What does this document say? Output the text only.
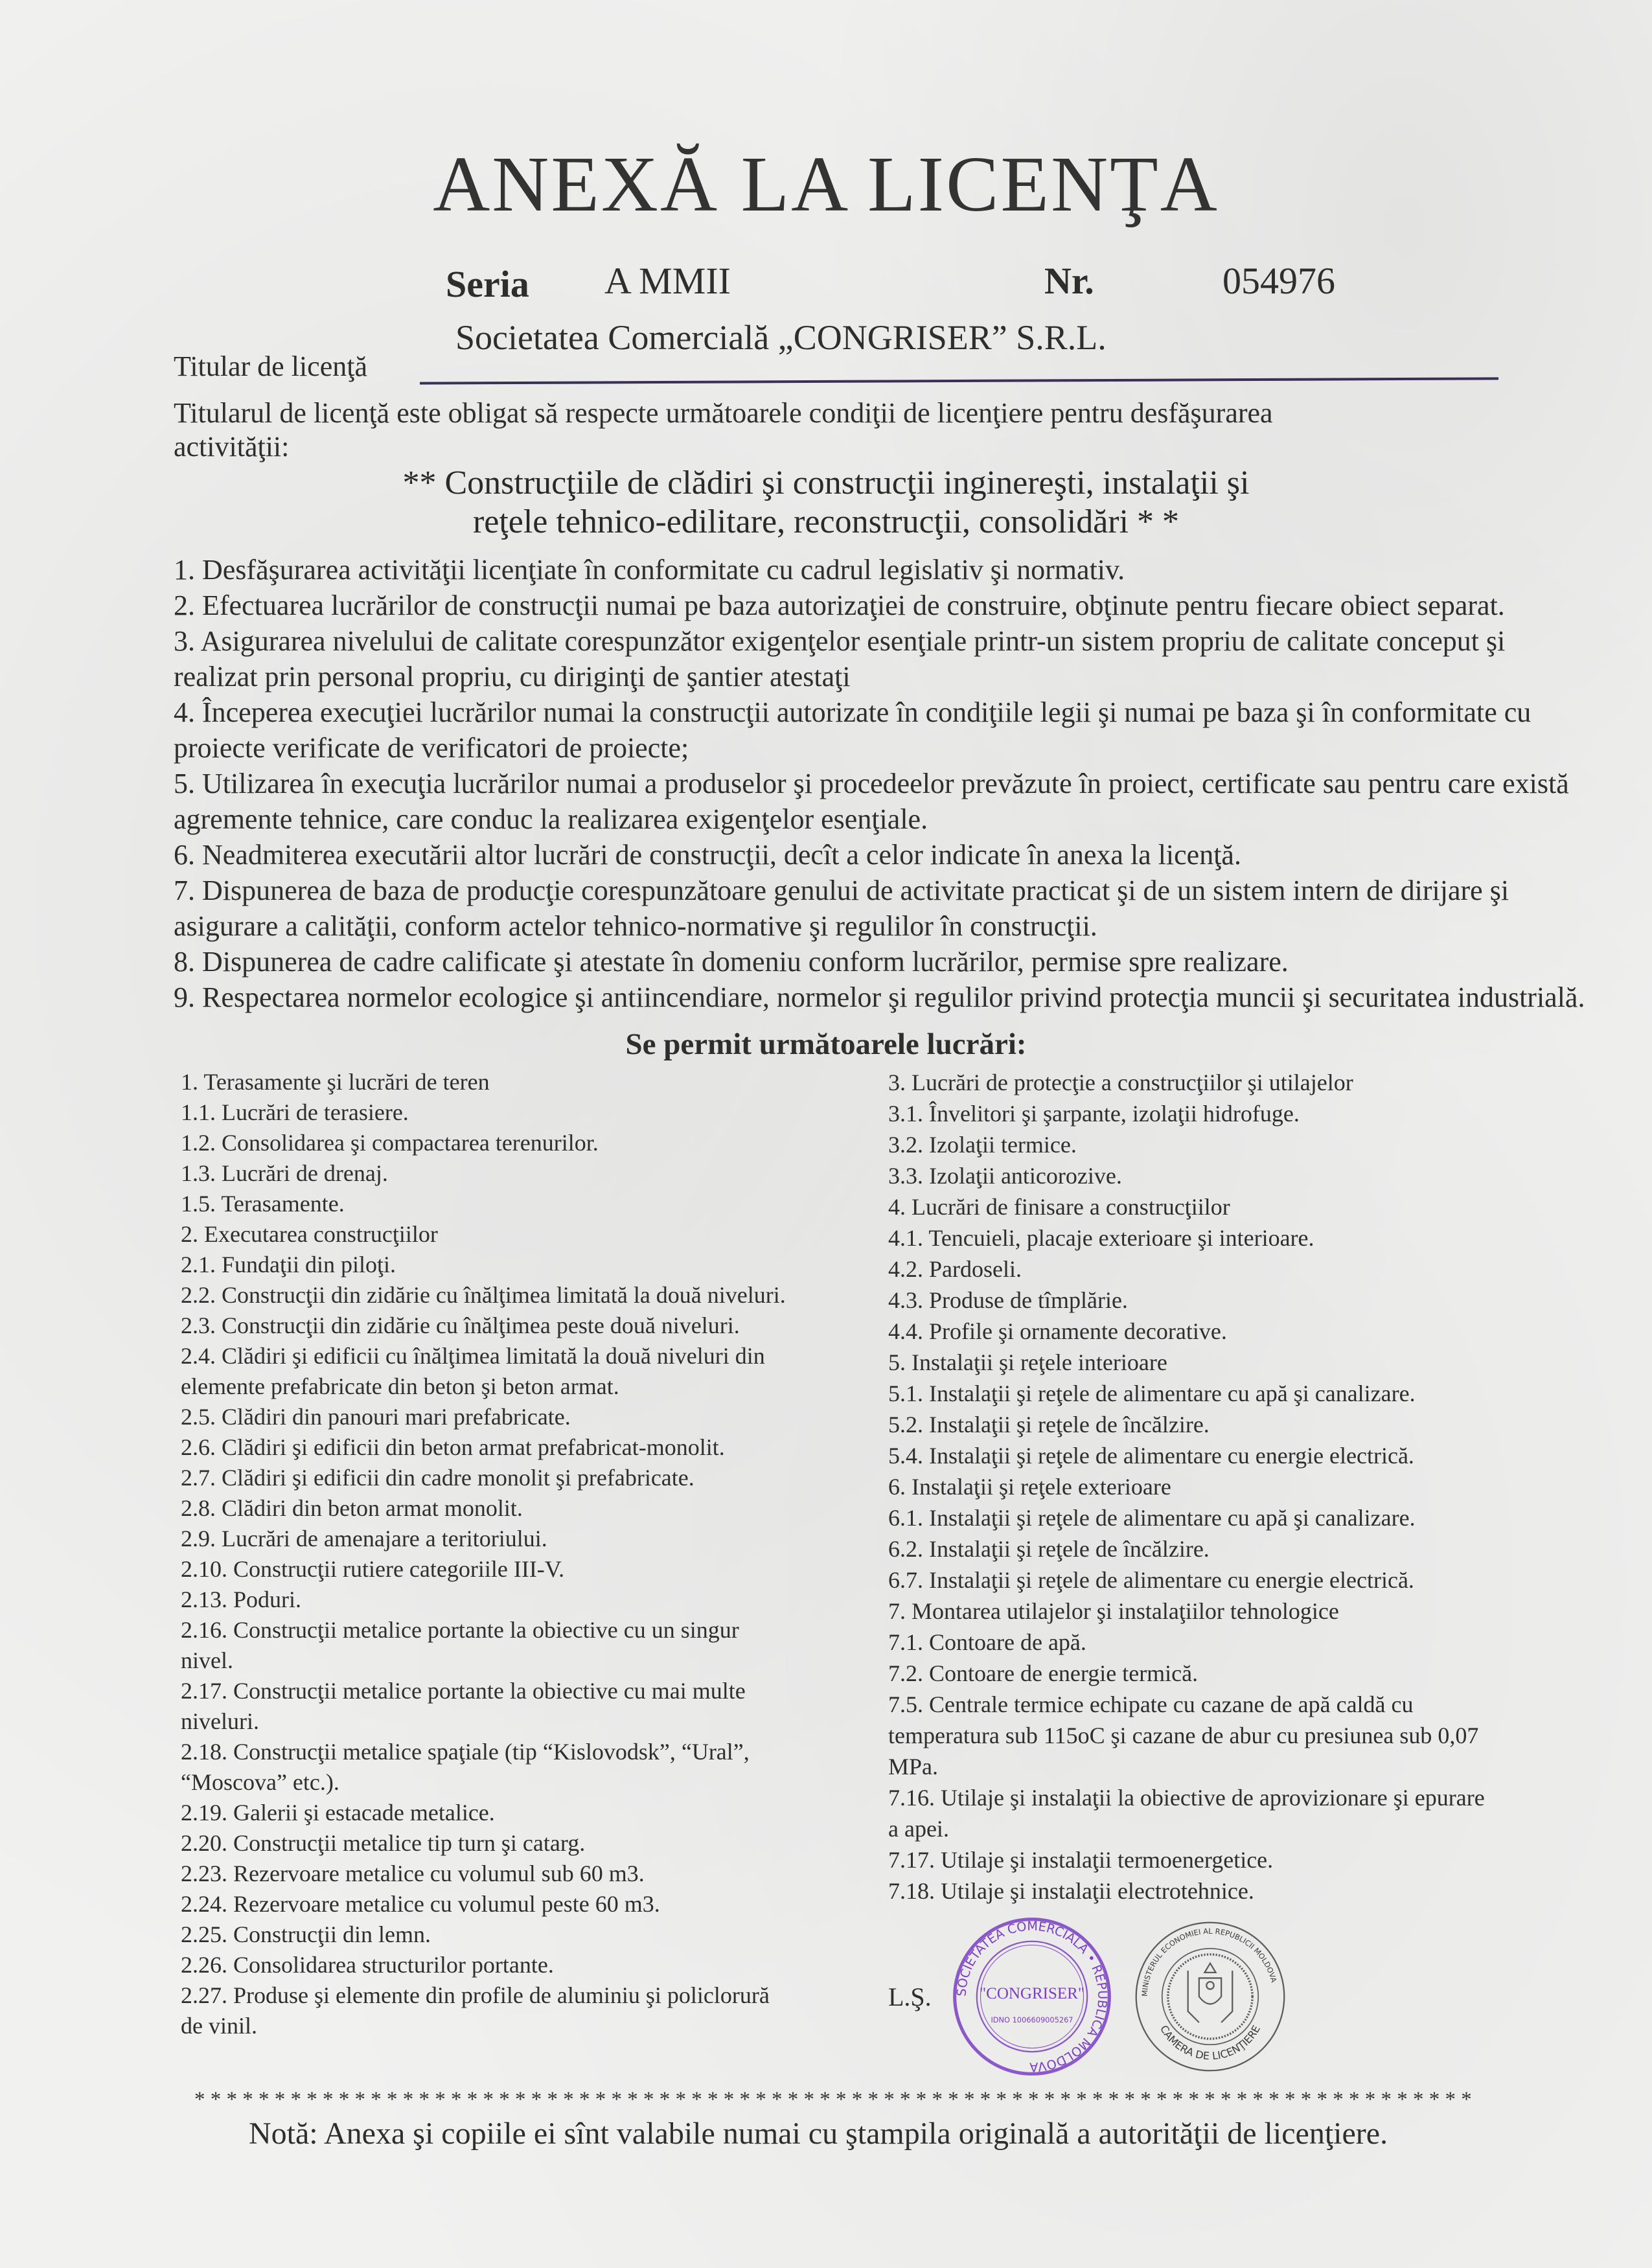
ANEXĂ LA LICENŢA
Seria A MMII	Nr.	054976
Societatea Comercială „CONGRISER” S.R.L.
Titular de licenţă
Titularul de licenţă este obligat să respecte următoarele condiţii de licenţiere pentru desfăşurarea
activităţii:
** Construcţiile de clădiri şi construcţii inginereşti, instalaţii şi
reţele tehnico-edilitare, reconstrucţii, consolidări * *
1. Desfăşurarea activităţii licenţiate în conformitate cu cadrul legislativ şi normativ.
2. Efectuarea lucrărilor de construcţii numai pe baza autorizaţiei de construire, obţinute pentru fiecare obiect separat.
3. Asigurarea nivelului de calitate corespunzător exigenţelor esenţiale printr-un sistem propriu de calitate conceput şi realizat prin personal propriu, cu diriginţi de şantier atestaţi
4. Începerea execuţiei lucrărilor numai la construcţii autorizate în condiţiile legii şi numai pe baza şi în conformitate cu proiecte verificate de verificatori de proiecte;
5. Utilizarea în execuţia lucrărilor numai a produselor şi procedeelor prevăzute în proiect, certificate sau pentru care există agremente tehnice, care conduc la realizarea exigenţelor esenţiale.
6. Neadmiterea executării altor lucrări de construcţii, decît a celor indicate în anexa la licenţă.
7. Dispunerea de baza de producţie corespunzătoare genului de activitate practicat şi de un sistem intern de dirijare şi asigurare a calităţii, conform actelor tehnico-normative şi regulilor în construcţii.
8. Dispunerea de cadre calificate şi atestate în domeniu conform lucrărilor, permise spre realizare.
9. Respectarea normelor ecologice şi antiincendiare, normelor şi regulilor privind protecţia muncii şi securitatea industrială.
Se permit următoarele lucrări:
1. Terasamente şi lucrări de teren
1.1. Lucrări de terasiere.
1.2. Consolidarea şi compactarea terenurilor.
1.3. Lucrări de drenaj.
1.5. Terasamente.
2. Executarea construcţiilor
2.1. Fundaţii din piloţi.
2.2. Construcţii din zidărie cu înălţimea limitată la două niveluri.
2.3. Construcţii din zidărie cu înălţimea peste două niveluri.
2.4. Clădiri şi edificii cu înălţimea limitată la două niveluri din
elemente prefabricate din beton şi beton armat.
2.5. Clădiri din panouri mari prefabricate.
2.6. Clădiri şi edificii din beton armat prefabricat-monolit.
2.7. Clădiri şi edificii din cadre monolit şi prefabricate.
2.8. Clădiri din beton armat monolit.
2.9. Lucrări de amenajare a teritoriului.
2.10. Construcţii rutiere categoriile III-V.
2.13. Poduri.
2.16. Construcţii metalice portante la obiective cu un singur
nivel.
2.17. Construcţii metalice portante la obiective cu mai multe
niveluri.
2.18. Construcţii metalice spaţiale (tip “Kislovodsk”, “Ural”,
“Moscova” etc.).
2.19. Galerii şi estacade metalice.
2.20. Construcţii metalice tip turn şi catarg.
2.23. Rezervoare metalice cu volumul sub 60 m3.
2.24. Rezervoare metalice cu volumul peste 60 m3.
2.25. Construcţii din lemn.
2.26. Consolidarea structurilor portante.
2.27. Produse şi elemente din profile de aluminiu şi policlorură
de vinil.
3. Lucrări de protecţie a construcţiilor şi utilajelor
3.1. Învelitori şi şarpante, izolaţii hidrofuge.
3.2. Izolaţii termice.
3.3. Izolaţii anticorozive.
4. Lucrări de finisare a construcţiilor
4.1. Tencuieli, placaje exterioare şi interioare.
4.2. Pardoseli.
4.3. Produse de tîmplărie.
4.4. Profile şi ornamente decorative.
5. Instalaţii şi reţele interioare
5.1. Instalaţii şi reţele de alimentare cu apă şi canalizare.
5.2. Instalaţii şi reţele de încălzire.
5.4. Instalaţii şi reţele de alimentare cu energie electrică.
6. Instalaţii şi reţele exterioare
6.1. Instalaţii şi reţele de alimentare cu apă şi canalizare.
6.2. Instalaţii şi reţele de încălzire.
6.7. Instalaţii şi reţele de alimentare cu energie electrică.
7. Montarea utilajelor şi instalaţiilor tehnologice
7.1. Contoare de apă.
7.2. Contoare de energie termică.
7.5. Centrale termice echipate cu cazane de apă caldă cu
temperatura sub 115oC şi cazane de abur cu presiunea sub 0,07
MPa.
7.16. Utilaje şi instalaţii la obiective de aprovizionare şi epurare
a apei.
7.17. Utilaje şi instalaţii termoenergetice.
7.18. Utilaje şi instalaţii electrotehnice.
L.Ş. SOCIETATEA COMERCIALĂ • REPUBLICA MOLDOVA
"CONGRISER"
IDNO 1006609005267
MINISTERUL ECONOMIEI AL REPUBLICII MOLDOVA
CAMERA DE LICENŢIERE
* * * * * * * * * * * * * * * * * * * * * * * * * * * * * * * * * * * * * * * * * * * * * * * * * * * * * * * * * * * * * * * * * * * * * * * * * * * * * * * *
Notă: Anexa şi copiile ei sînt valabile numai cu ştampila originală a autorităţii de licenţiere.
